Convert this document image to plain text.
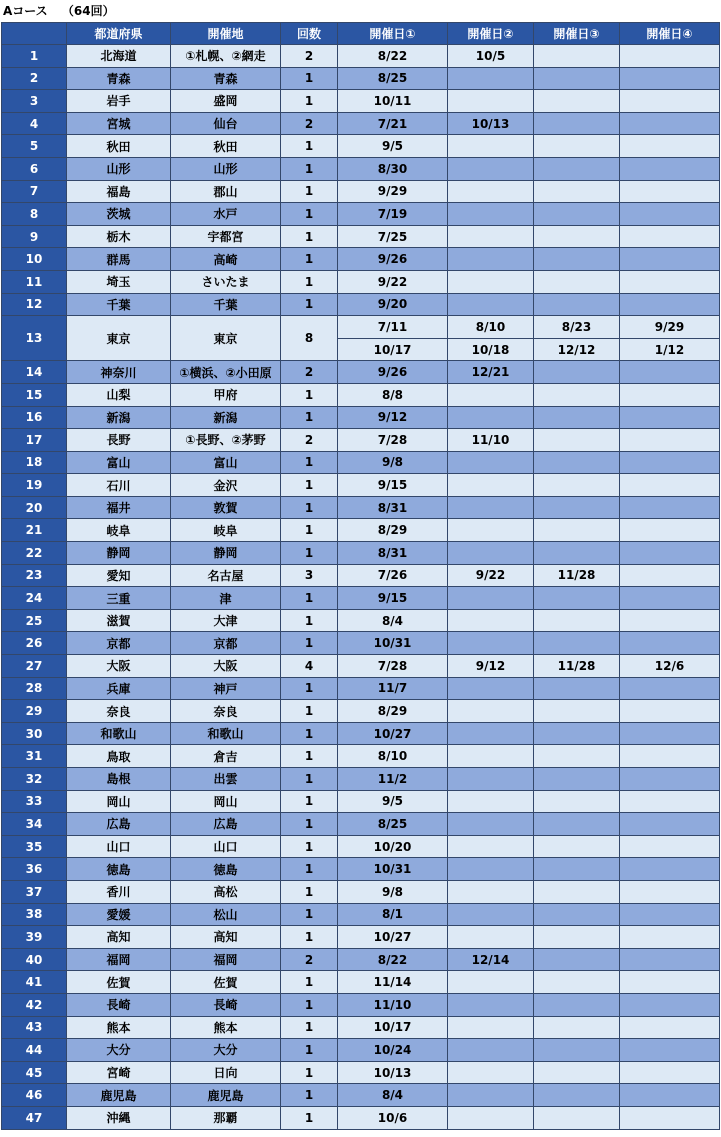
Aコース （64回）
	都道府県	開催地	回数	開催日①	開催日②	開催日③	開催日④
1	北海道	①札幌、②網走	2	8/22	10/5		
2	青森	青森	1	8/25			
3	岩手	盛岡	1	10/11			
4	宮城	仙台	2	7/21	10/13		
5	秋田	秋田	1	9/5			
6	山形	山形	1	8/30			
7	福島	郡山	1	9/29			
8	茨城	水戸	1	7/19			
9	栃木	宇都宮	1	7/25			
10	群馬	高崎	1	9/26			
11	埼玉	さいたま	1	9/22			
12	千葉	千葉	1	9/20			
13	東京	東京	8	7/11	8/10	8/23	9/29
				10/17	10/18	12/12	1/12
14	神奈川	①横浜、②小田原	2	9/26	12/21		
15	山梨	甲府	1	8/8			
16	新潟	新潟	1	9/12			
17	長野	①長野、②茅野	2	7/28	11/10		
18	富山	富山	1	9/8			
19	石川	金沢	1	9/15			
20	福井	敦賀	1	8/31			
21	岐阜	岐阜	1	8/29			
22	静岡	静岡	1	8/31			
23	愛知	名古屋	3	7/26	9/22	11/28	
24	三重	津	1	9/15			
25	滋賀	大津	1	8/4			
26	京都	京都	1	10/31			
27	大阪	大阪	4	7/28	9/12	11/28	12/6
28	兵庫	神戸	1	11/7			
29	奈良	奈良	1	8/29			
30	和歌山	和歌山	1	10/27			
31	鳥取	倉吉	1	8/10			
32	島根	出雲	1	11/2			
33	岡山	岡山	1	9/5			
34	広島	広島	1	8/25			
35	山口	山口	1	10/20			
36	徳島	徳島	1	10/31			
37	香川	高松	1	9/8			
38	愛媛	松山	1	8/1			
39	高知	高知	1	10/27			
40	福岡	福岡	2	8/22	12/14		
41	佐賀	佐賀	1	11/14			
42	長崎	長崎	1	11/10			
43	熊本	熊本	1	10/17			
44	大分	大分	1	10/24			
45	宮崎	日向	1	10/13			
46	鹿児島	鹿児島	1	8/4			
47	沖縄	那覇	1	10/6			
